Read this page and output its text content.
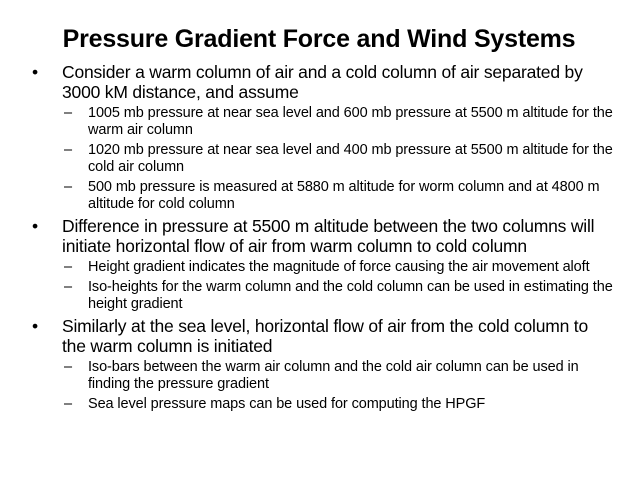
Pressure Gradient Force and Wind Systems
• Consider a warm column of air and a cold column of air separated by 3000 kM distance, and assume
– 1005 mb pressure at near sea level and 600 mb pressure at 5500 m altitude for the warm air column
– 1020 mb pressure at near sea level and 400 mb pressure at 5500 m altitude for the cold air column
– 500 mb pressure is measured at 5880 m altitude for worm column and at 4800 m altitude for cold column
• Difference in pressure at 5500 m altitude between the two columns will initiate horizontal flow of air from warm column to cold column
– Height gradient indicates the magnitude of force causing the air movement aloft
– Iso-heights for the warm column and the cold column can be used in estimating the height gradient
• Similarly at the sea level, horizontal flow of air from the cold column to the warm column is initiated
– Iso-bars between the warm air column and the cold air column can be used in finding the pressure gradient
– Sea level pressure maps can be used for computing the HPGF
